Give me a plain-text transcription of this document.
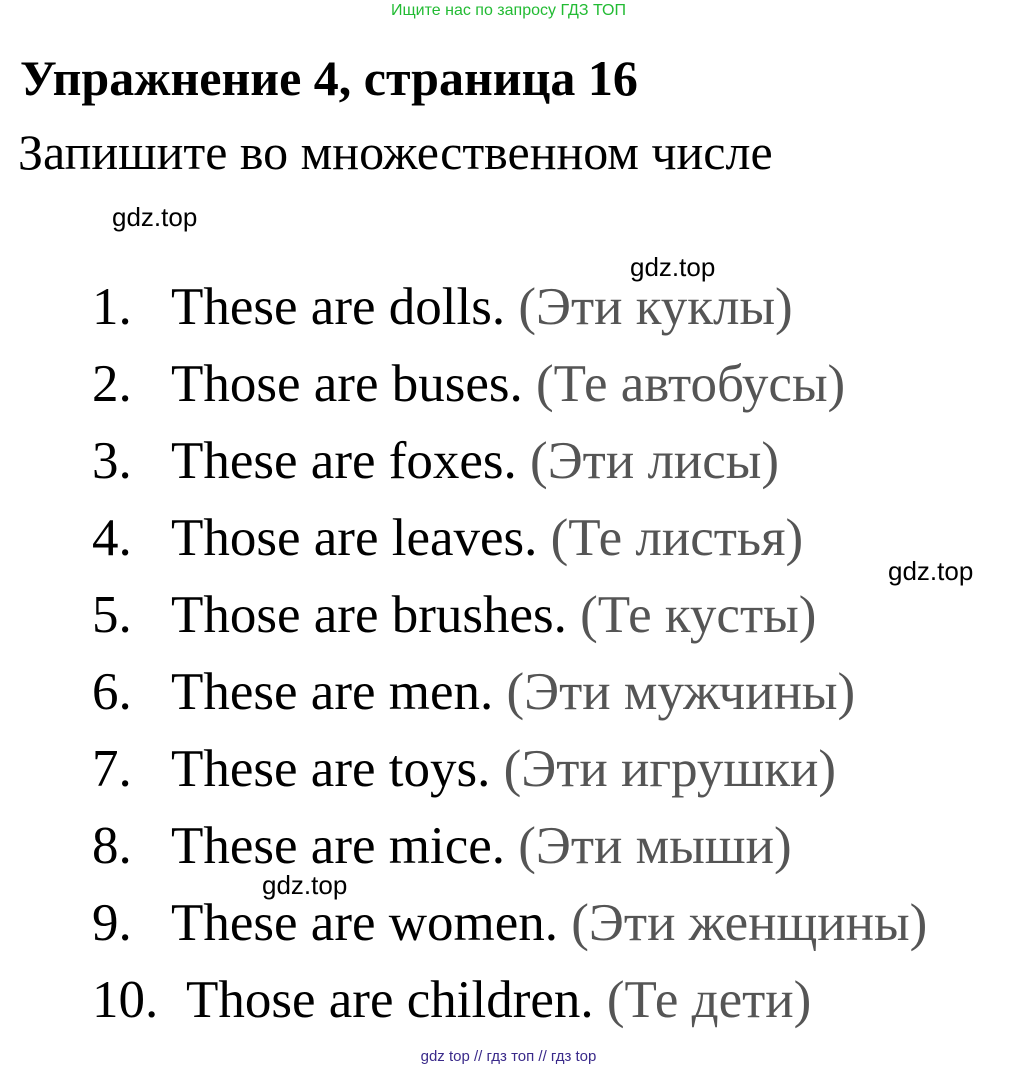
Ищите нас по запросу ГДЗ ТОП
Упражнение 4, страница 16

Запишите во множественном числе

gdz.top
gdz.top
gdz.top
1. These are dolls. (Эти куклы)
2. Those are buses. (Те автобусы)
3. These are foxes. (Эти лисы)
4. Those are leaves. (Те листья)
5. Those are brushes. (Те кусты)
6. These are men. (Эти мужчины)
7. These are toys. (Эти игрушки)
8. These are mice. (Эти мыши)
9. These are women. (Эти женщины)
10. Those are children. (Те дети)
gdz.top
gdz top // гдз топ // гдз top
